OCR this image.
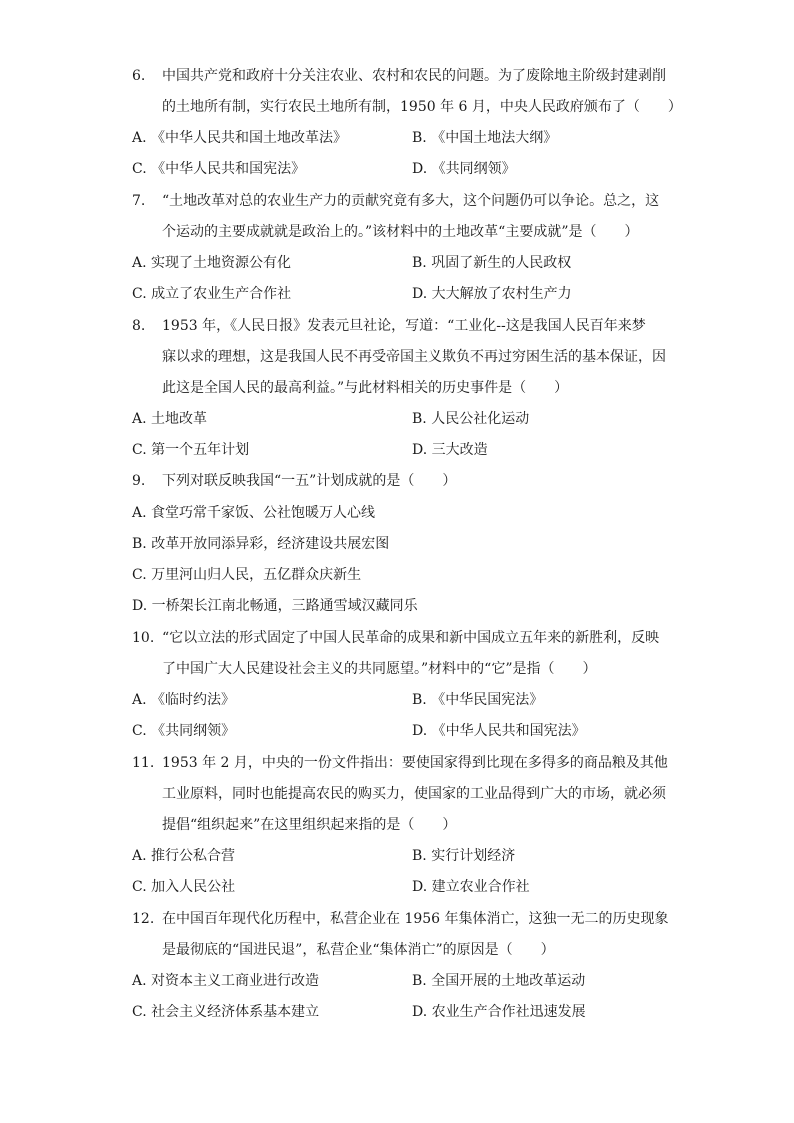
6. 中国共产党和政府十分关注农业、农村和农民的问题。为了废除地主阶级封建剥削
的土地所有制，实行农民土地所有制，1950 年 6 月，中央人民政府颁布了（　　）
A. 《中华人民共和国土地改革法》	B. 《中国土地法大纲》
C. 《中华人民共和国宪法》	D. 《共同纲领》
7. “土地改革对总的农业生产力的贡献究竟有多大，这个问题仍可以争论。总之，这
个运动的主要成就就是政治上的。”该材料中的土地改革“主要成就”是（　　）
A. 实现了土地资源公有化	B. 巩固了新生的人民政权
C. 成立了农业生产合作社	D. 大大解放了农村生产力
8. 1953 年，《人民日报》发表元旦社论，写道：“工业化--这是我国人民百年来梦
寐以求的理想，这是我国人民不再受帝国主义欺负不再过穷困生活的基本保证，因
此这是全国人民的最高利益。”与此材料相关的历史事件是（　　）
A. 土地改革	B. 人民公社化运动
C. 第一个五年计划	D. 三大改造
9. 下列对联反映我国“一五”计划成就的是（　　）
A. 食堂巧常千家饭、公社饱暖万人心线
B. 改革开放同添异彩，经济建设共展宏图
C. 万里河山归人民，五亿群众庆新生
D. 一桥架长江南北畅通，三路通雪域汉藏同乐
10. “它以立法的形式固定了中国人民革命的成果和新中国成立五年来的新胜利，反映
了中国广大人民建设社会主义的共同愿望。”材料中的“它”是指（　　）
A. 《临时约法》	B. 《中华民国宪法》
C. 《共同纲领》	D. 《中华人民共和国宪法》
11. 1953 年 2 月，中央的一份文件指出：要使国家得到比现在多得多的商品粮及其他
工业原料，同时也能提高农民的购买力，使国家的工业品得到广大的市场，就必须
提倡“组织起来”在这里组织起来指的是（　　）
A. 推行公私合营	B. 实行计划经济
C. 加入人民公社	D. 建立农业合作社
12. 在中国百年现代化历程中，私营企业在 1956 年集体消亡，这独一无二的历史现象
是最彻底的“国进民退”，私营企业“集体消亡”的原因是（　　）
A. 对资本主义工商业进行改造	B. 全国开展的土地改革运动
C. 社会主义经济体系基本建立	D. 农业生产合作社迅速发展
